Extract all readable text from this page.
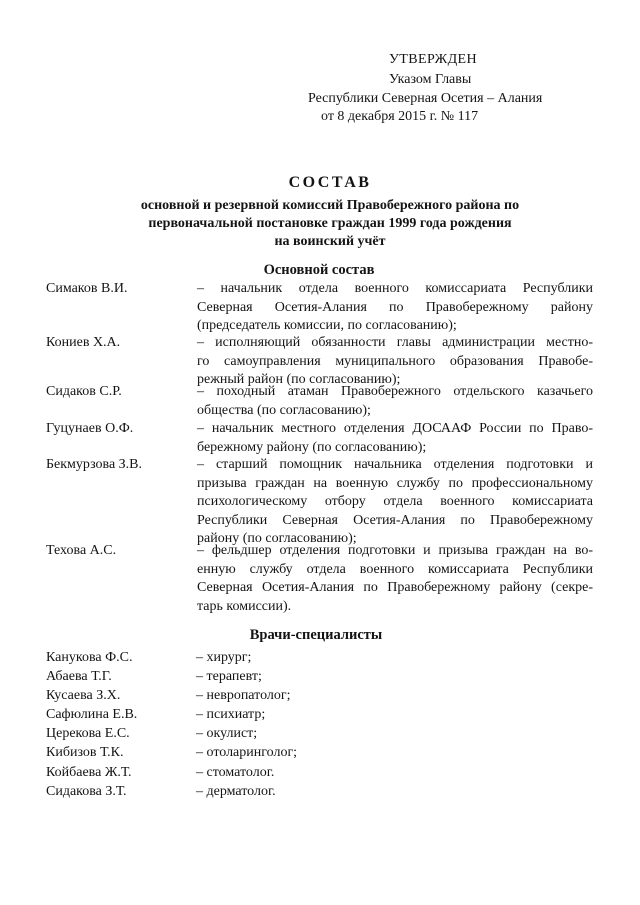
УТВЕРЖДЕН
Указом Главы
Республики Северная Осетия – Алания
от 8 декабря 2015 г. № 117
СОСТАВ
основной и резервной комиссий Правобережного района по
первоначальной постановке граждан 1999 года рождения
на воинский учёт
Основной состав
Симаков В.И.	– начальник отдела военного комиссариата Республики
Северная Осетия-Алания по Правобережному району
(председатель комиссии, по согласованию);
Кониев Х.А.	– исполняющий обязанности главы администрации местно-
го самоуправления муниципального образования Правобе-
режный район (по согласованию);
Сидаков С.Р.	– походный атаман Правобережного отдельского казачьего
общества (по согласованию);
Гуцунаев О.Ф.	– начальник местного отделения ДОСААФ России по Право-
бережному району (по согласованию);
Бекмурзова З.В.	– старший помощник начальника отделения подготовки и
призыва граждан на военную службу по профессиональному
психологическому отбору отдела военного комиссариата
Республики Северная Осетия-Алания по Правобережному
району (по согласованию);
Техова А.С.	– фельдшер отделения подготовки и призыва граждан на во-
енную службу отдела военного комиссариата Республики
Северная Осетия-Алания по Правобережному району (секре-
тарь комиссии).
Врачи-специалисты
Канукова Ф.С.	– хирург;
Абаева Т.Г.	– терапевт;
Кусаева З.Х.	– невропатолог;
Сафюлина Е.В.	– психиатр;
Церекова Е.С.	– окулист;
Кибизов Т.К.	– отоларинголог;
Койбаева Ж.Т.	– стоматолог.
Сидакова З.Т.	– дерматолог.
